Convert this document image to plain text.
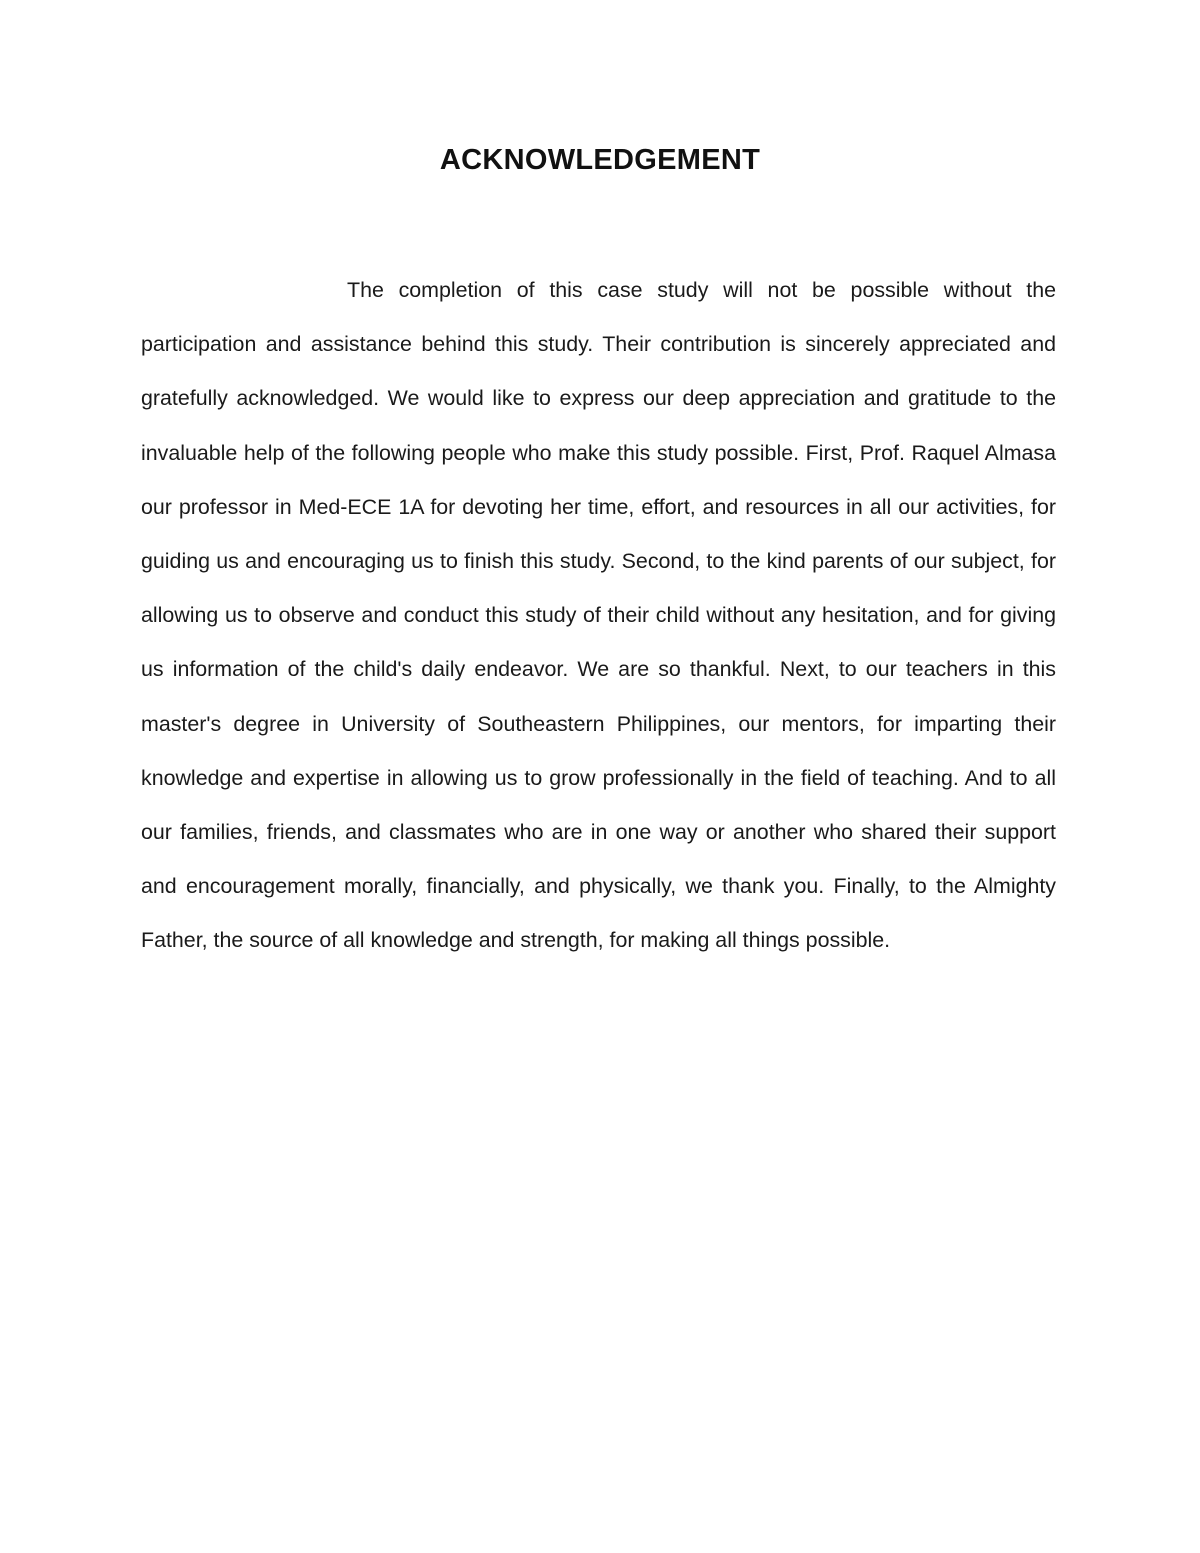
ACKNOWLEDGEMENT

The completion of this case study will not be possible without the participation and assistance behind this study. Their contribution is sincerely appreciated and gratefully acknowledged. We would like to express our deep appreciation and gratitude to the invaluable help of the following people who make this study possible. First, Prof. Raquel Almasa our professor in Med-ECE 1A for devoting her time, effort, and resources in all our activities, for guiding us and encouraging us to finish this study. Second, to the kind parents of our subject, for allowing us to observe and conduct this study of their child without any hesitation, and for giving us information of the child's daily endeavor. We are so thankful. Next, to our teachers in this master's degree in University of Southeastern Philippines, our mentors, for imparting their knowledge and expertise in allowing us to grow professionally in the field of teaching. And to all our families, friends, and classmates who are in one way or another who shared their support and encouragement morally, financially, and physically, we thank you. Finally, to the Almighty Father, the source of all knowledge and strength, for making all things possible.
